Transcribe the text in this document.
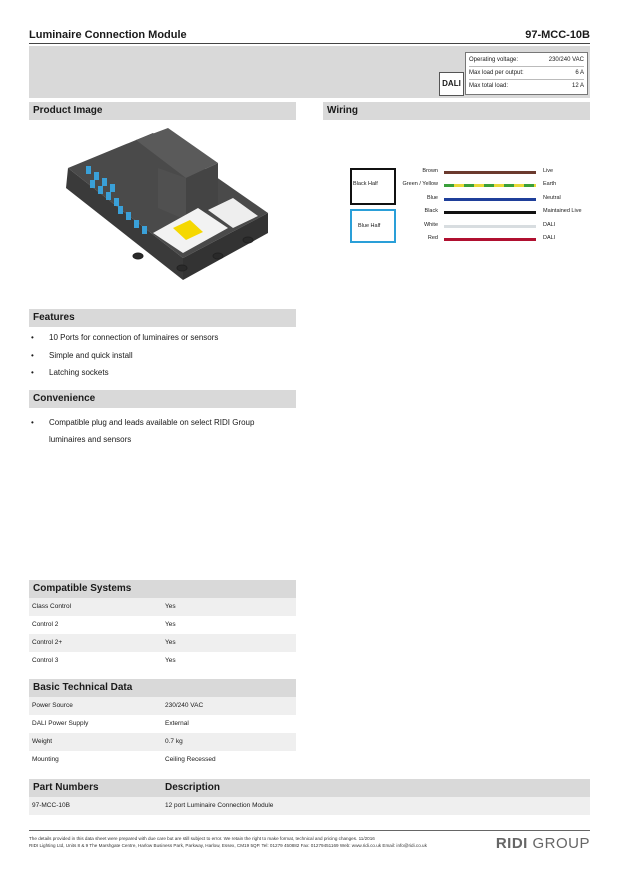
Luminaire Connection Module	97-MCC-10B
DALI
Operating voltage:	230/240 VAC
Max load per output:	6 A
Max total load:	12 A
Product Image	Wiring
Black Half
Blue Half
Brown	Live
Green / Yellow	Earth
Blue	Neutral
Black	Maintained Live
White	DALI
Red	DALI
Features
• 10 Ports for connection of luminaires or sensors
• Simple and quick install
• Latching sockets
Convenience
• Compatible plug and leads available on select RIDI Group luminaires and sensors
Compatible Systems
Class Control	Yes
Control 2	Yes
Control 2+	Yes
Control 3	Yes
Basic Technical Data
Power Source	230/240 VAC
DALI Power Supply	External
Weight	0.7 kg
Mounting	Ceiling Recessed
Part Numbers	Description
97-MCC-10B	12 port Luminaire Connection Module
The details provided in this data sheet were prepared with due care but are still subject to error. We retain the right to make format, technical and pricing changes. 11/2016
RIDI Lighting Ltd, Units 8 & 9 The Marshgate Centre, Harlow Business Park, Parkway, Harlow, Essex, CM19 5QP. Tel: 01279 450882 Fax: 01279451169 Web: www.ridi.co.uk Email: info@ridi.co.uk	RIDI GROUP
